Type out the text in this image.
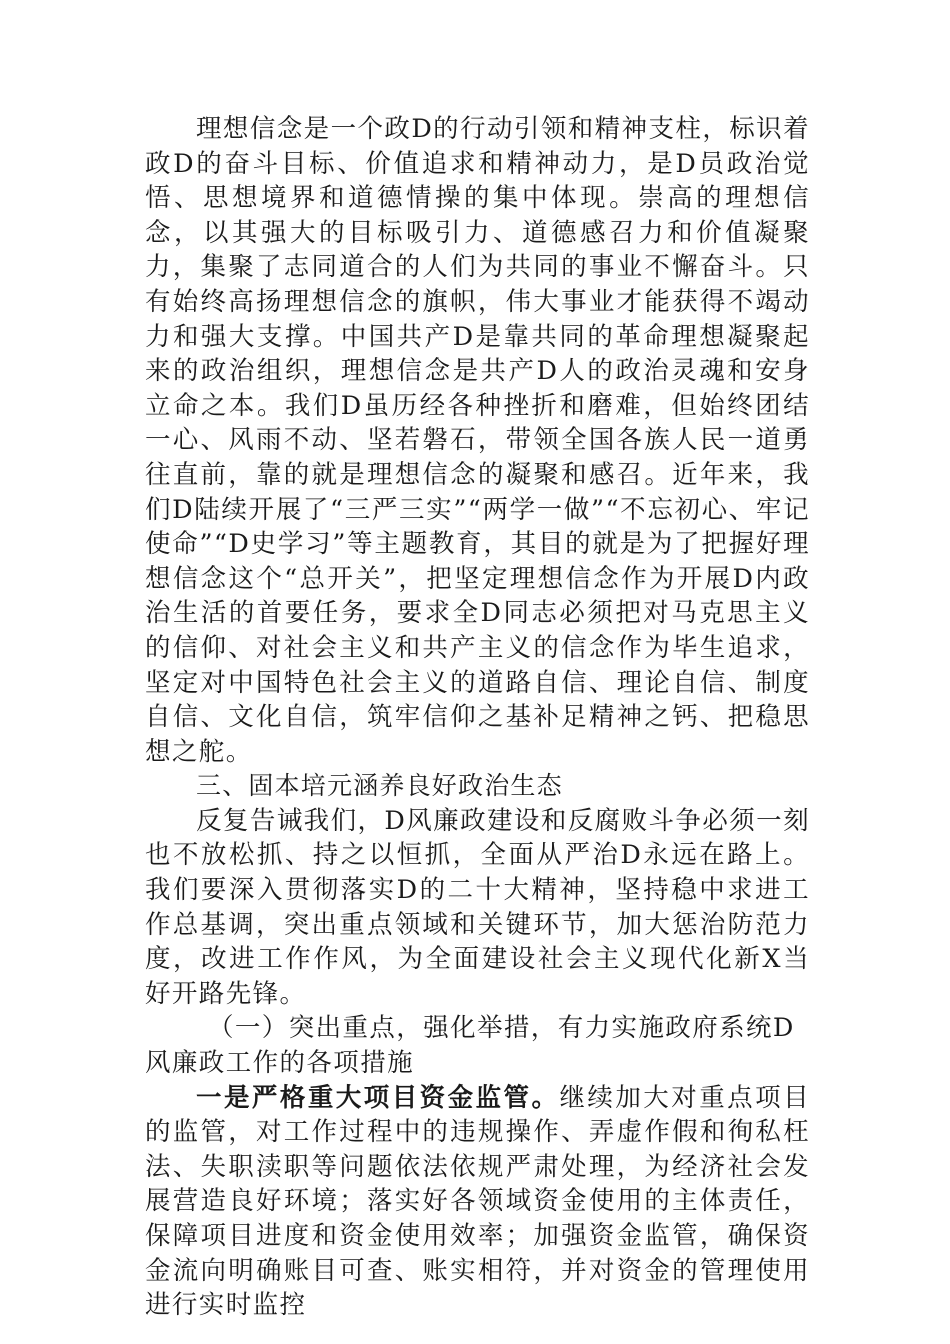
理想信念是一个政D的行动引领和精神支柱，标识着政D的奋斗目标、价值追求和精神动力，是D员政治觉悟、思想境界和道德情操的集中体现。崇高的理想信念，以其强大的目标吸引力、道德感召力和价值凝聚力，集聚了志同道合的人们为共同的事业不懈奋斗。只有始终高扬理想信念的旗帜，伟大事业才能获得不竭动力和强大支撑。中国共产D是靠共同的革命理想凝聚起来的政治组织，理想信念是共产D人的政治灵魂和安身立命之本。我们D虽历经各种挫折和磨难，但始终团结一心、风雨不动、坚若磐石，带领全国各族人民一道勇往直前，靠的就是理想信念的凝聚和感召。近年来，我们D陆续开展了“三严三实”“两学一做”“不忘初心、牢记使命”“D史学习”等主题教育，其目的就是为了把握好理想信念这个“总开关”，把坚定理想信念作为开展D内政治生活的首要任务，要求全D同志必须把对马克思主义的信仰、对社会主义和共产主义的信念作为毕生追求，坚定对中国特色社会主义的道路自信、理论自信、制度自信、文化自信，筑牢信仰之基补足精神之钙、把稳思想之舵。

三、固本培元涵养良好政治生态

反复告诫我们，D风廉政建设和反腐败斗争必须一刻也不放松抓、持之以恒抓，全面从严治D永远在路上。我们要深入贯彻落实D的二十大精神，坚持稳中求进工作总基调，突出重点领域和关键环节，加大惩治防范力度，改进工作作风，为全面建设社会主义现代化新X当好开路先锋。

（一）突出重点，强化举措，有力实施政府系统D风廉政工作的各项措施

一是严格重大项目资金监管。继续加大对重点项目的监管，对工作过程中的违规操作、弄虚作假和徇私枉法、失职渎职等问题依法依规严肃处理，为经济社会发展营造良好环境；落实好各领域资金使用的主体责任，保障项目进度和资金使用效率；加强资金监管，确保资金流向明确账目可查、账实相符，并对资金的管理使用进行实时监控
